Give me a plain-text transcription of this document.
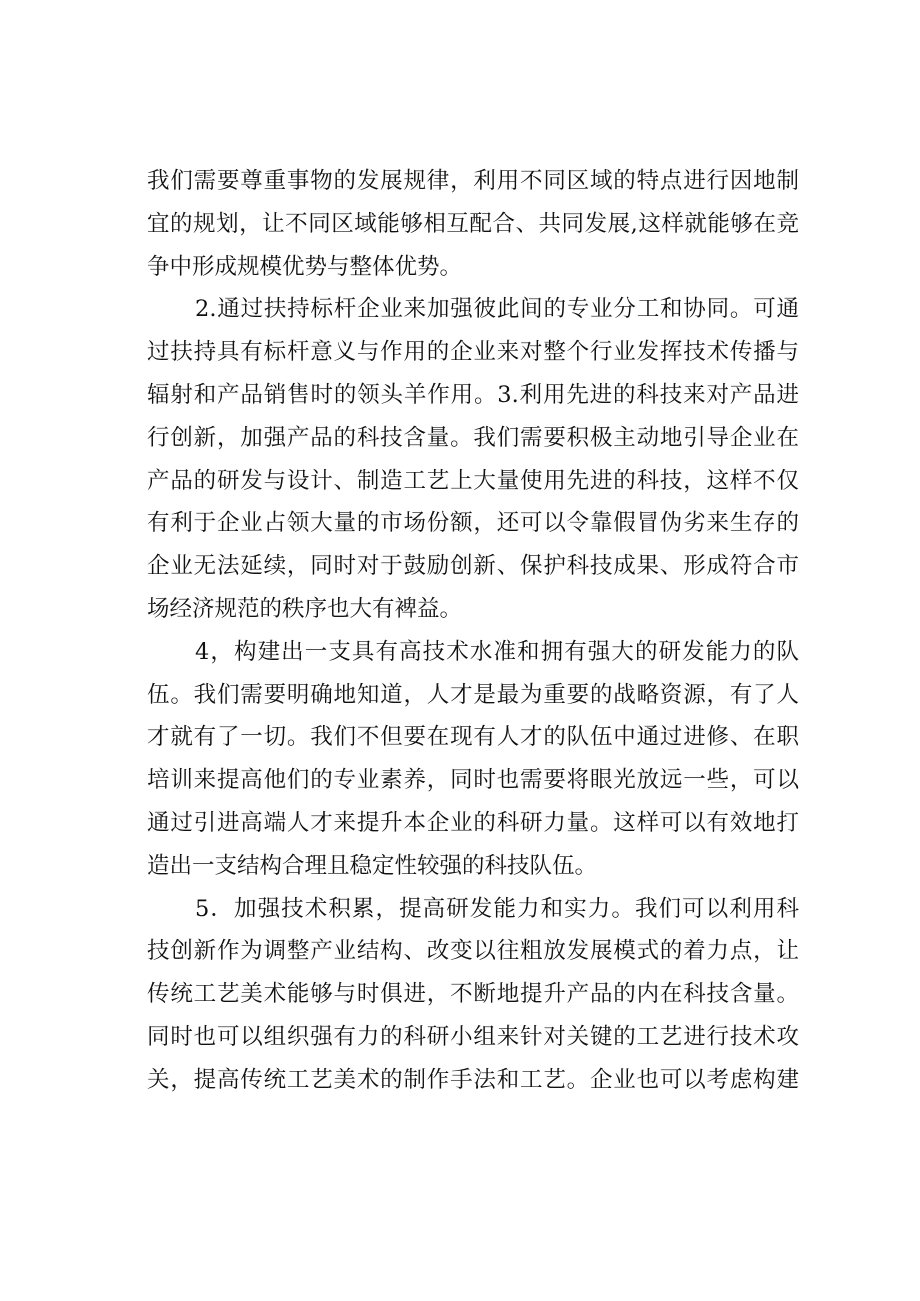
我们需要尊重事物的发展规律，利用不同区域的特点进行因地制
宜的规划，让不同区域能够相互配合、共同发展,这样就能够在竞
争中形成规模优势与整体优势。
2.通过扶持标杆企业来加强彼此间的专业分工和协同。可通
过扶持具有标杆意义与作用的企业来对整个行业发挥技术传播与
辐射和产品销售时的领头羊作用。3.利用先进的科技来对产品进
行创新，加强产品的科技含量。我们需要积极主动地引导企业在
产品的研发与设计、制造工艺上大量使用先进的科技，这样不仅
有利于企业占领大量的市场份额，还可以令靠假冒伪劣来生存的
企业无法延续，同时对于鼓励创新、保护科技成果、形成符合市
场经济规范的秩序也大有裨益。
4，构建出一支具有高技术水准和拥有强大的研发能力的队
伍。我们需要明确地知道，人才是最为重要的战略资源，有了人
才就有了一切。我们不但要在现有人才的队伍中通过进修、在职
培训来提高他们的专业素养，同时也需要将眼光放远一些，可以
通过引进高端人才来提升本企业的科研力量。这样可以有效地打
造出一支结构合理且稳定性较强的科技队伍。
5．加强技术积累，提高研发能力和实力。我们可以利用科
技创新作为调整产业结构、改变以往粗放发展模式的着力点，让
传统工艺美术能够与时俱进，不断地提升产品的内在科技含量。
同时也可以组织强有力的科研小组来针对关键的工艺进行技术攻
关，提高传统工艺美术的制作手法和工艺。企业也可以考虑构建
